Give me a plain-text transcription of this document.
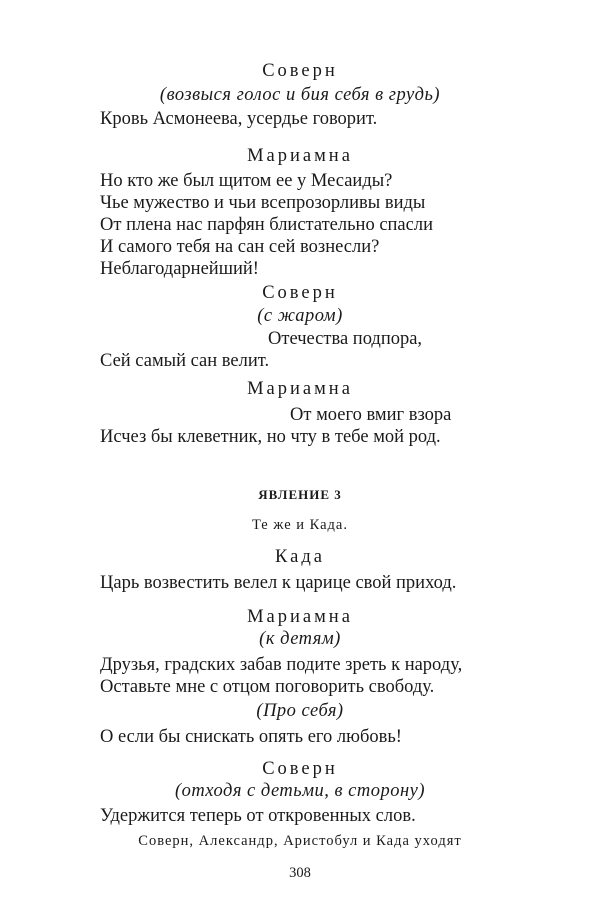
Соверн
(возвыся голос и бия себя в грудь)
Кровь Асмонеева, усердье говорит.
Мариамна
Но кто же был щитом ее у Месаиды?
Чье мужество и чьи всепрозорливы виды
От плена нас парфян блистательно спасли
И самого тебя на сан сей вознесли?
Неблагодарнейший!
Соверн
(с жаром)
Отечества подпора,
Сей самый сан велит.
Мариамна
От моего вмиг взора
Исчез бы клеветник, но чту в тебе мой род.
ЯВЛЕНИЕ 3
Те же и Када.
Када
Царь возвестить велел к царице свой приход.
Мариамна
(к детям)
Друзья, градских забав подите зреть к народу,
Оставьте мне с отцом поговорить свободу.
(Про себя)
О если бы снискать опять его любовь!
Соверн
(отходя с детьми, в сторону)
Удержится теперь от откровенных слов.
Соверн, Александр, Аристобул и Када уходят
308
